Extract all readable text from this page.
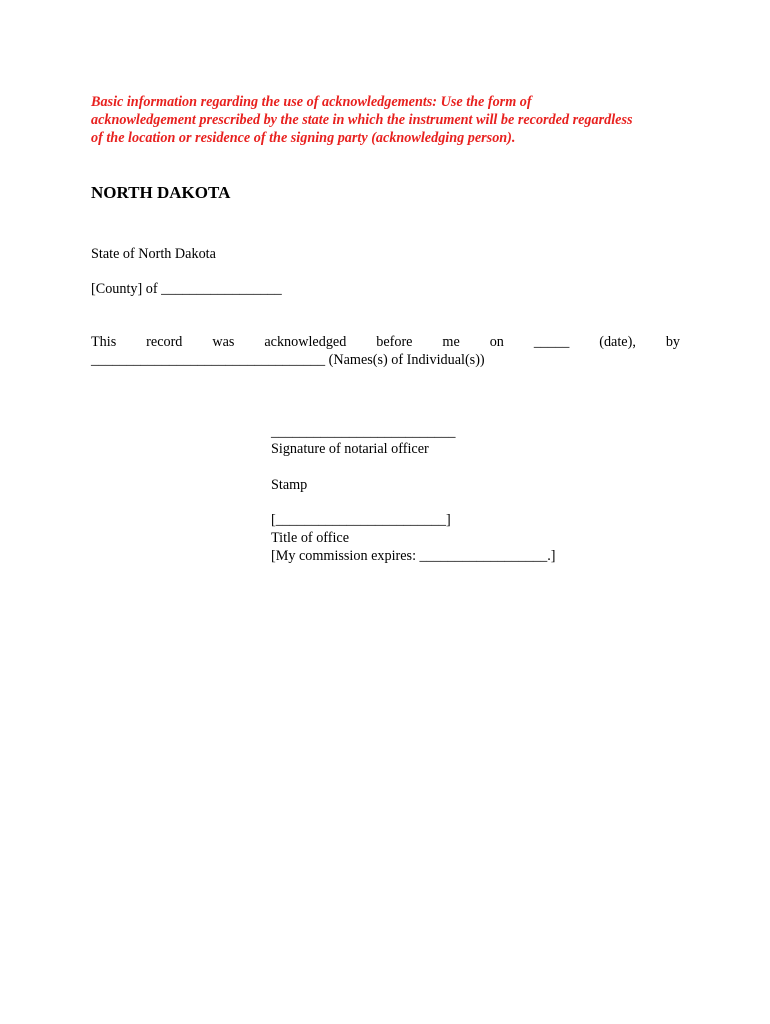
Basic information regarding the use of acknowledgements: Use the form of
acknowledgement prescribed by the state in which the instrument will be recorded regardless
of the location or residence of the signing party (acknowledging person).
NORTH DAKOTA
State of North Dakota
[County] of _________________
This record was acknowledged before me on _____ (date), by
_________________________________ (Names(s) of Individual(s))
__________________________
Signature of notarial officer
Stamp
[________________________]
Title of office
[My commission expires: __________________.]
